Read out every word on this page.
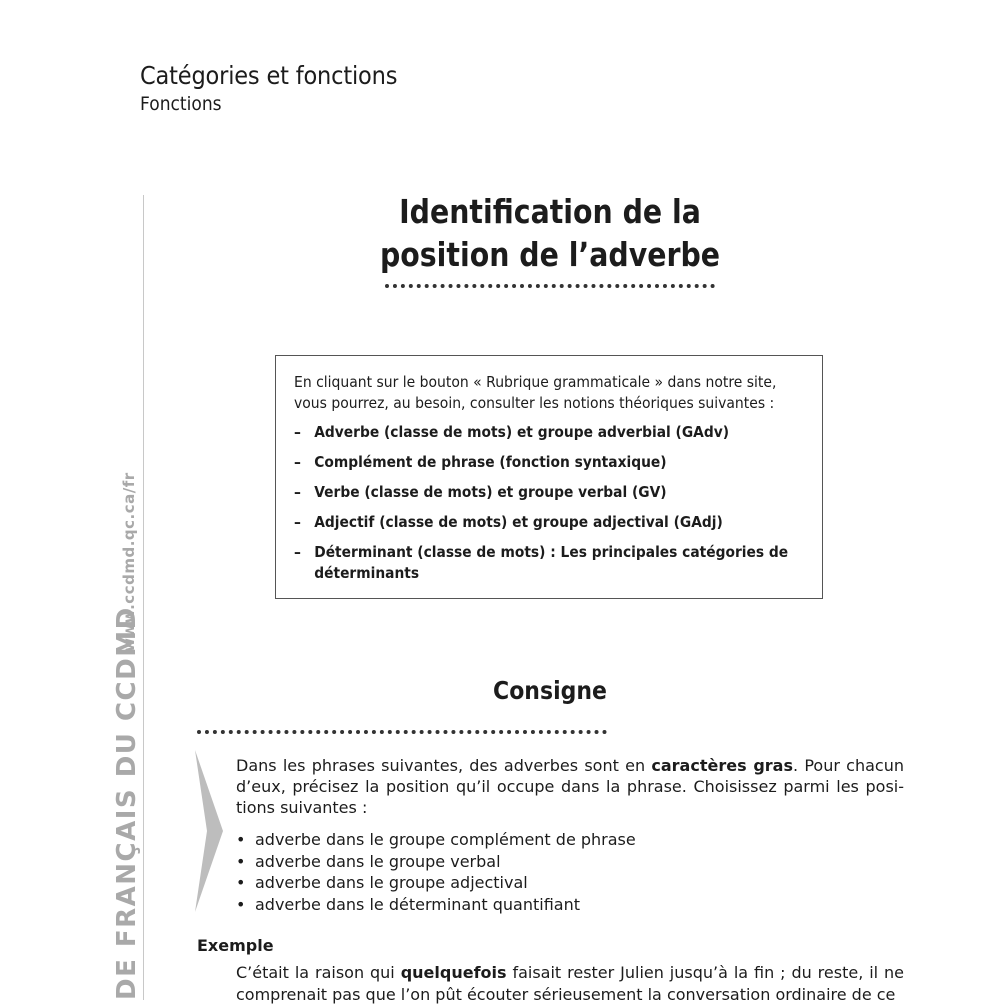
Catégories et fonctions
Fonctions
DE FRANÇAIS DU CCDMD
www.ccdmd.qc.ca/fr
Identification de la
position de l’adverbe
En cliquant sur le bouton « Rubrique grammaticale » dans notre site,
vous pourrez, au besoin, consulter les notions théoriques suivantes :
– Adverbe (classe de mots) et groupe adverbial (GAdv)
– Complément de phrase (fonction syntaxique)
– Verbe (classe de mots) et groupe verbal (GV)
– Adjectif (classe de mots) et groupe adjectival (GAdj)
– Déterminant (classe de mots) : Les principales catégories de déterminants
Consigne
Dans les phrases suivantes, des adverbes sont en caractères gras. Pour chacun d’eux, précisez la position qu’il occupe dans la phrase. Choisissez parmi les posi-tions suivantes :
• adverbe dans le groupe complément de phrase
• adverbe dans le groupe verbal
• adverbe dans le groupe adjectival
• adverbe dans le déterminant quantifiant
Exemple
C’était la raison qui quelquefois faisait rester Julien jusqu’à la fin ; du reste, il ne comprenait pas que l’on pût écouter sérieusement la conversation ordinaire de ce
